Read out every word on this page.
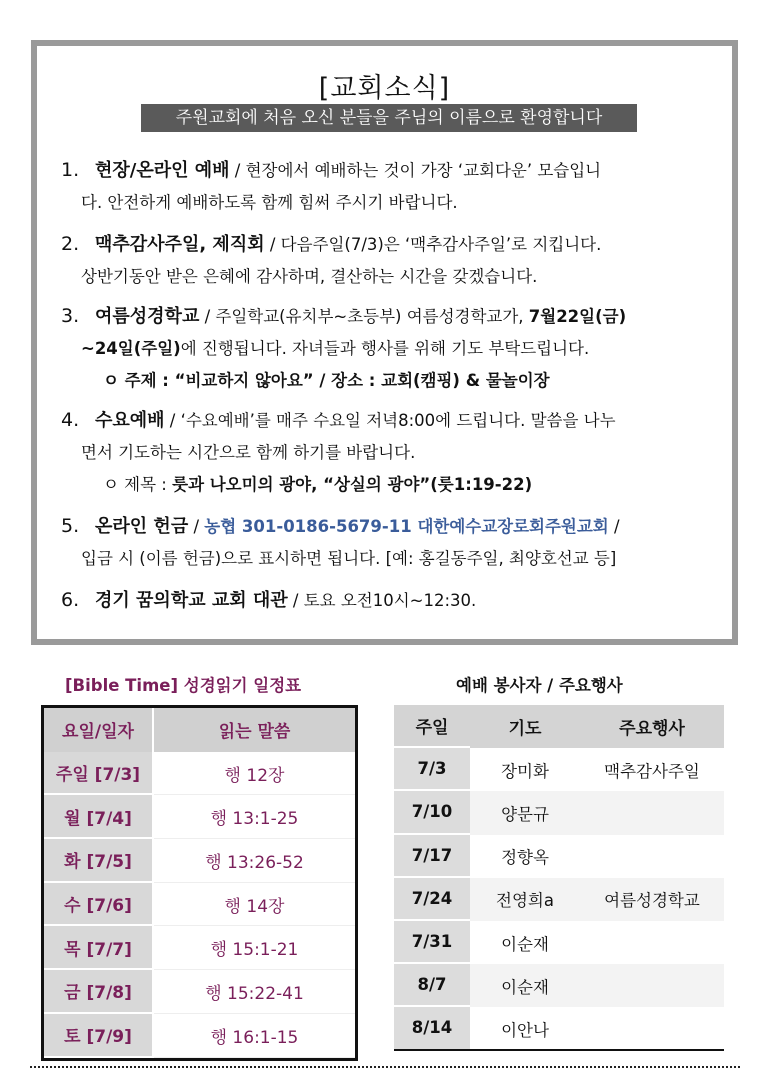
[교회소식]
주원교회에 처음 오신 분들을 주님의 이름으로 환영합니다
1. 현장/온라인 예배 / 현장에서 예배하는 것이 가장 ‘교회다운’ 모습입니
다. 안전하게 예배하도록 함께 힘써 주시기 바랍니다.
2. 맥추감사주일, 제직회 / 다음주일(7/3)은 ‘맥추감사주일’로 지킵니다.
상반기동안 받은 은혜에 감사하며, 결산하는 시간을 갖겠습니다.
3. 여름성경학교 / 주일학교(유치부~초등부) 여름성경학교가, 7월22일(금)
~24일(주일)에 진행됩니다. 자녀들과 행사를 위해 기도 부탁드립니다.
ㅇ 주제 : “비교하지 않아요” / 장소 : 교회(캠핑) & 물놀이장
4. 수요예배 / ‘수요예배’를 매주 수요일 저녁8:00에 드립니다. 말씀을 나누
면서 기도하는 시간으로 함께 하기를 바랍니다.
ㅇ 제목 : 룻과 나오미의 광야, “상실의 광야”(룻1:19-22)
5. 온라인 헌금 / 농협 301-0186-5679-11 대한예수교장로회주원교회 /
입금 시 (이름 헌금)으로 표시하면 됩니다. [예: 홍길동주일, 최양호선교 등]
6. 경기 꿈의학교 교회 대관 / 토요 오전10시~12:30.
[Bible Time] 성경읽기 일정표
요일/일자	읽는 말씀
주일 [7/3]	행 12장
월 [7/4]	행 13:1-25
화 [7/5]	행 13:26-52
수 [7/6]	행 14장
목 [7/7]	행 15:1-21
금 [7/8]	행 15:22-41
토 [7/9]	행 16:1-15
예배 봉사자 / 주요행사
주일	기도	주요행사
7/3	장미화	맥추감사주일
7/10	양문규
7/17	정향옥
7/24	전영희a	여름성경학교
7/31	이순재
8/7	이순재
8/14	이안나
